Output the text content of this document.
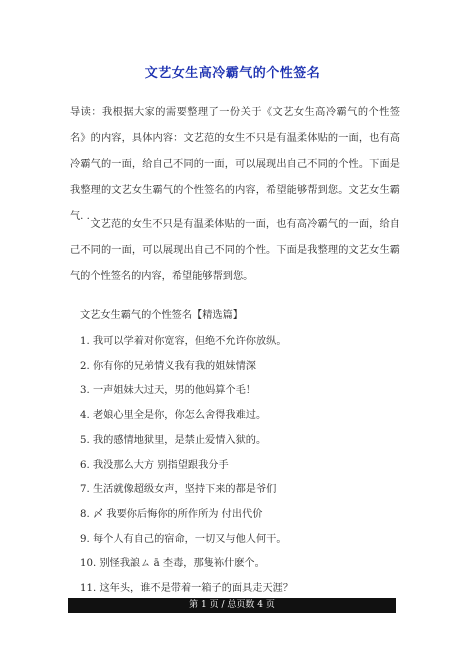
文艺女生高冷霸气的个性签名
导读：我根据大家的需要整理了一份关于《文艺女生高冷霸气的个性签名》的内容，具体内容：文艺范的女生不只是有温柔体贴的一面，也有高冷霸气的一面，给自己不同的一面，可以展现出自己不同的个性。下面是我整理的文艺女生霸气的个性签名的内容，希望能够帮到您。文艺女生霸气. . .
文艺范的女生不只是有温柔体贴的一面，也有高冷霸气的一面，给自己不同的一面，可以展现出自己不同的个性。下面是我整理的文艺女生霸气的个性签名的内容，希望能够帮到您。
文艺女生霸气的个性签名【精选篇】
1. 我可以学着对你宽容，但绝不允许你放纵。
2. 你有你的兄弟情义我有我的姐妹情深
3. 一声姐妹大过天，男的他妈算个毛！
4. 老娘心里全是你，你怎么舍得我难过。
5. 我的感情地狱里，是禁止爱情入狱的。
6. 我没那么大方 别指望跟我分手
7. 生活就像超级女声，坚持下来的都是爷们
8. 〆 我要你后悔你的所作所为 付出代价
9. 每个人有自己的宿命，一切又与他人何干。
10. 别怪我誏ㄙ ā 杢毒，那隻袮什麽个。
11. 这年头，谁不是带着一箱子的面具走天涯？
第 1 页 / 总页数 4 页
